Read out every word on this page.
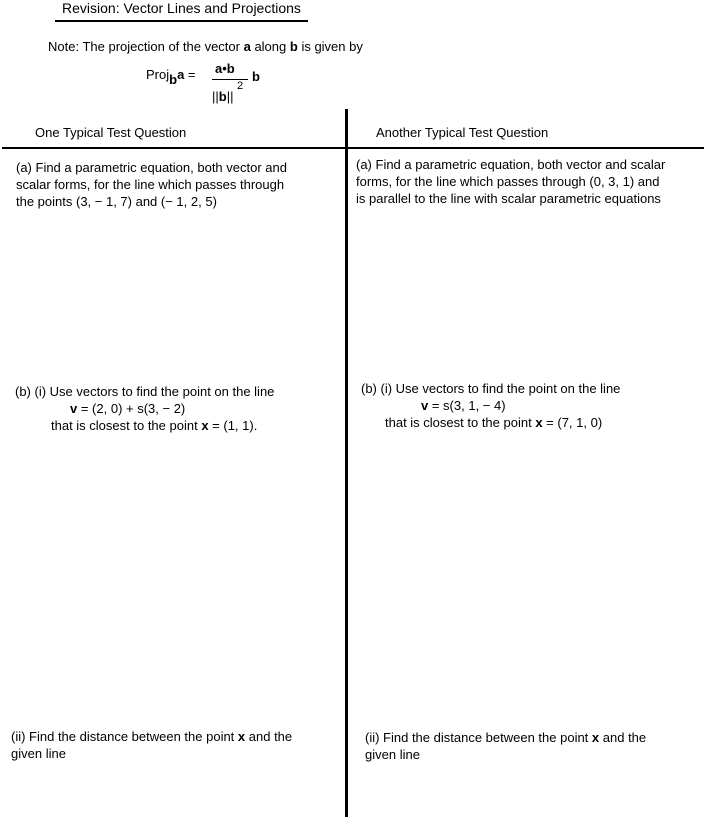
Revision: Vector Lines and Projections
Note: The projection of the vector a along b is given by
Projba = a•b
||b||
2
b
One Typical Test Question	Another Typical Test Question
(a) Find a parametric equation, both vector and
scalar forms, for the line which passes through
the points (3, − 1, 7) and (− 1, 2, 5)
(b) (i) Use vectors to find the point on the line
v = (2, 0) + s(3, − 2)
that is closest to the point x = (1, 1).
(ii) Find the distance between the point x and the
given line
(a) Find a parametric equation, both vector and scalar
forms, for the line which passes through (0, 3, 1) and
is parallel to the line with scalar parametric equations
(b) (i) Use vectors to find the point on the line
v = s(3, 1, − 4)
that is closest to the point x = (7, 1, 0)
(ii) Find the distance between the point x and the
given line
